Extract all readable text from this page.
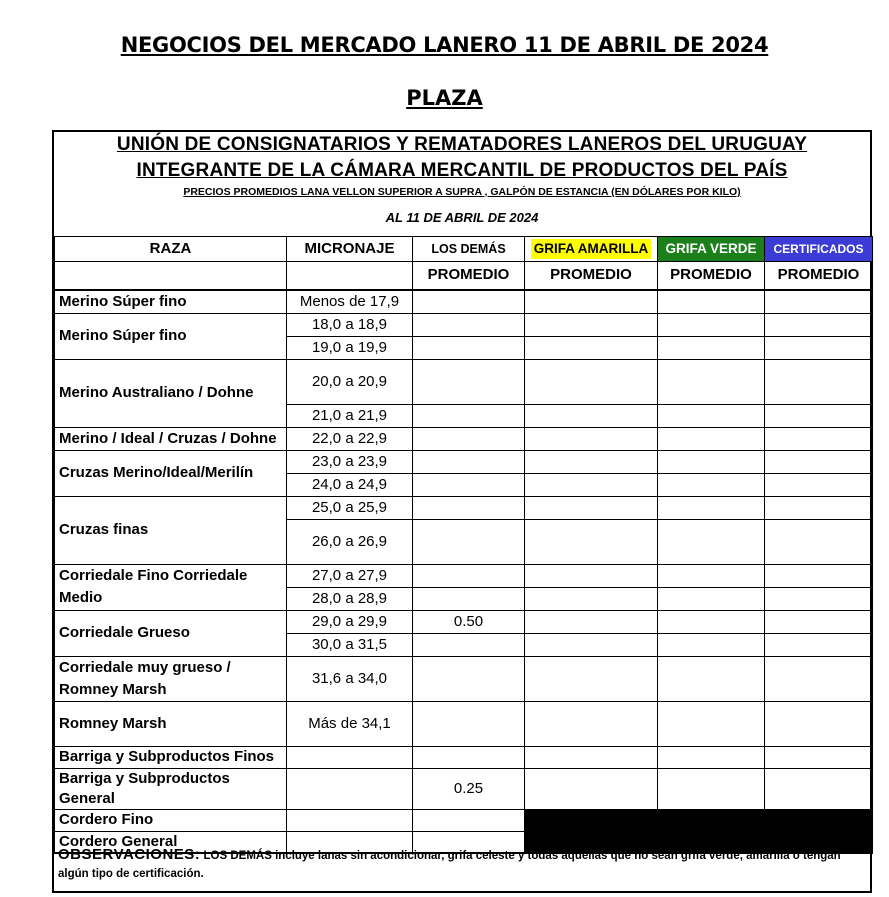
NEGOCIOS DEL MERCADO LANERO 11 DE ABRIL DE 2024
PLAZA
UNIÓN DE CONSIGNATARIOS Y REMATADORES LANEROS DEL URUGUAY
INTEGRANTE DE LA CÁMARA MERCANTIL DE PRODUCTOS DEL PAÍS
PRECIOS PROMEDIOS LANA VELLON SUPERIOR A SUPRA , GALPÓN DE ESTANCIA (EN DÓLARES POR KILO)
AL 11 DE ABRIL DE 2024
RAZA	MICRONAJE	LOS DEMÁS	GRIFA AMARILLA	GRIFA VERDE	CERTIFICADOS
		PROMEDIO	PROMEDIO	PROMEDIO	PROMEDIO
Merino Súper fino	Menos de 17,9				
Merino Súper fino	18,0 a 18,9				
	19,0 a 19,9				
Merino Australiano / Dohne	20,0 a 20,9				
	21,0 a 21,9				
Merino / Ideal / Cruzas / Dohne	22,0 a 22,9				
Cruzas Merino/Ideal/Merilín	23,0 a 23,9				
	24,0 a 24,9				
Cruzas finas	25,0 a 25,9				
	26,0 a 26,9				
Corriedale Fino Corriedale Medio	27,0 a 27,9				
	28,0 a 28,9				
Corriedale Grueso	29,0 a 29,9	0.50			
	30,0 a 31,5				
Corriedale muy grueso / Romney Marsh	31,6 a 34,0				
Romney Marsh	Más de 34,1				
Barriga y Subproductos Finos					
Barriga y Subproductos General		0.25			
Cordero Fino					
Cordero General					
OBSERVACIONES: LOS DEMÁS incluye lanas sin acondicionar, grifa celeste y todas aquellas que no sean grifa verde, amarilla o tengan algún tipo de certificación.
